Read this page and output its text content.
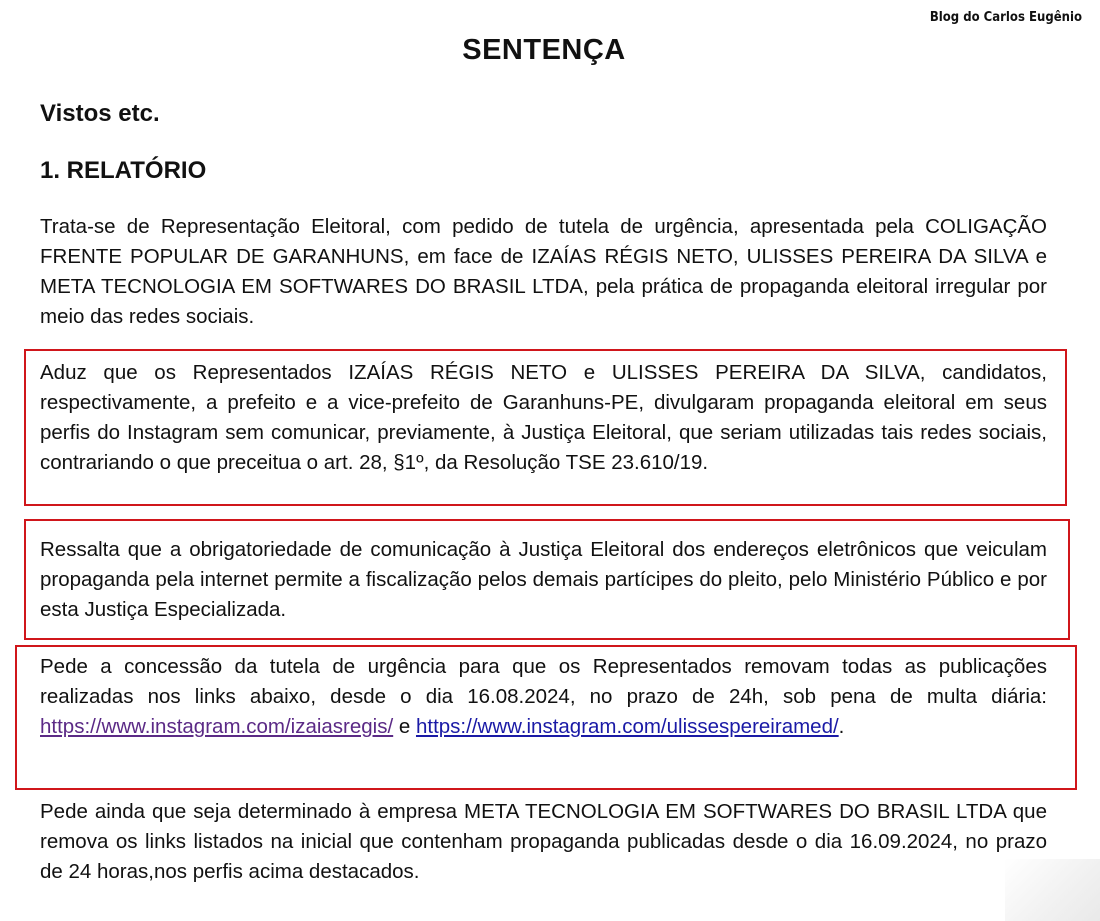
Blog do Carlos Eugênio
SENTENÇA
Vistos etc.
1. RELATÓRIO
Trata-se de Representação Eleitoral, com pedido de tutela de urgência, apresentada pela COLIGAÇÃO FRENTE POPULAR DE GARANHUNS, em face de IZAÍAS RÉGIS NETO, ULISSES PEREIRA DA SILVA e META TECNOLOGIA EM SOFTWARES DO BRASIL LTDA, pela prática de propaganda eleitoral irregular por meio das redes sociais.
Aduz que os Representados IZAÍAS RÉGIS NETO e ULISSES PEREIRA DA SILVA, candidatos, respectivamente, a prefeito e a vice-prefeito de Garanhuns-PE, divulgaram propaganda eleitoral em seus perfis do Instagram sem comunicar, previamente, à Justiça Eleitoral, que seriam utilizadas tais redes sociais, contrariando o que preceitua o art. 28, §1º, da Resolução TSE 23.610/19.
Ressalta que a obrigatoriedade de comunicação à Justiça Eleitoral dos endereços eletrônicos que veiculam propaganda pela internet permite a fiscalização pelos demais partícipes do pleito, pelo Ministério Público e por esta Justiça Especializada.
Pede a concessão da tutela de urgência para que os Representados removam todas as publicações realizadas nos links abaixo, desde o dia 16.08.2024, no prazo de 24h, sob pena de multa diária: https://www.instagram.com/izaiasregis/ e https://www.instagram.com/ulissespereiramed/.
Pede ainda que seja determinado à empresa META TECNOLOGIA EM SOFTWARES DO BRASIL LTDA que remova os links listados na inicial que contenham propaganda publicadas desde o dia 16.09.2024, no prazo de 24 horas,nos perfis acima destacados.
